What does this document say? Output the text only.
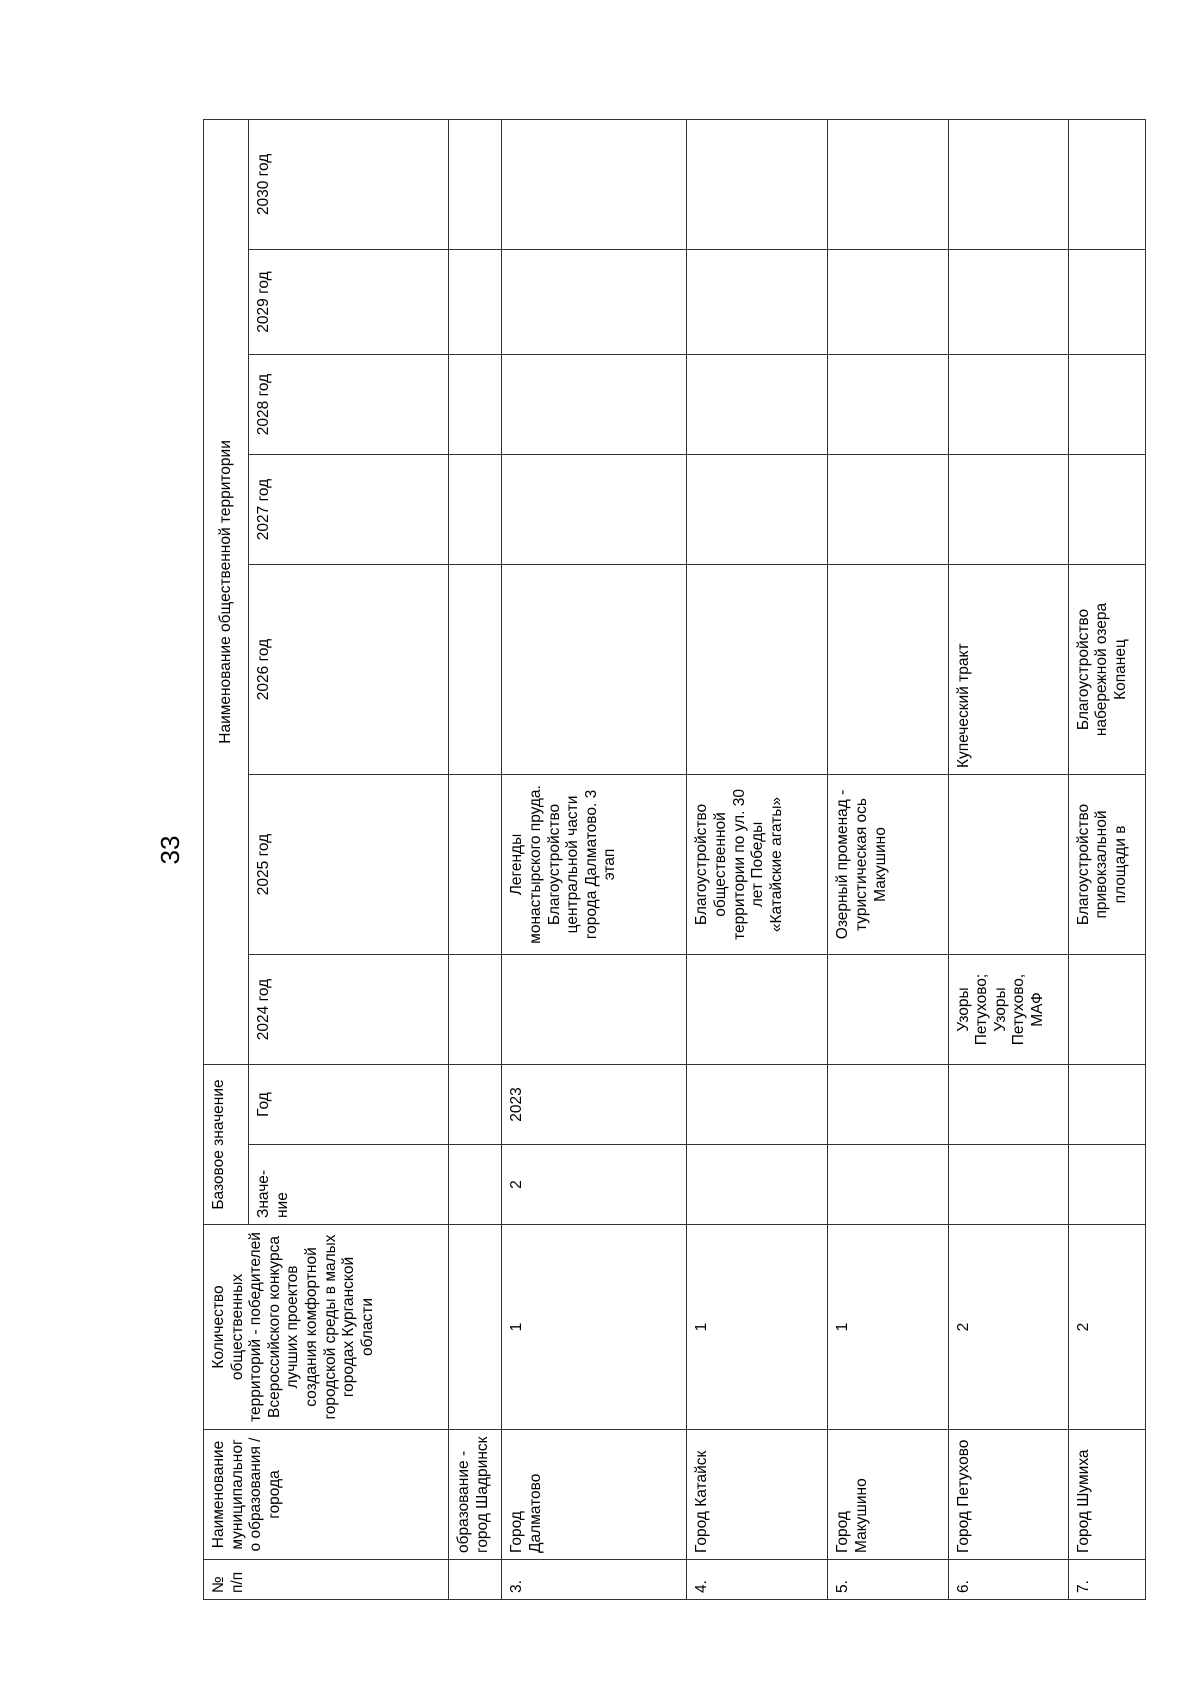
33
№ п/п	Наименование муниципального образования / города	Количество общественных территорий - победителей Всероссийского конкурса лучших проектов создания комфортной городской среды в малых городах Курганской области	Базовое значение		Наименование общественной территории						
			Значе-ние	Год	2024 год	2025 год	2026 год	2027 год	2028 год	2029 год	2030 год
	образование - город Шадринск										
3.	Город Далматово	1	2	2023		Легенды монастырского пруда. Благоустройство центральной части города Далматово. 3 этап					
4.	Город Катайск	1				Благоустройство общественной территории по ул. 30 лет Победы «Катайские агаты»					
5.	Город Макушино	1				Озерный променад - туристическая ось Макушино					
6.	Город Петухово	2			Узоры Петухово; Узоры Петухово, МАФ		Купеческий тракт				
7.	Город Шумиха	2				Благоустройство привокзальной площади в	Благоустройство набережной озера Копанец				
